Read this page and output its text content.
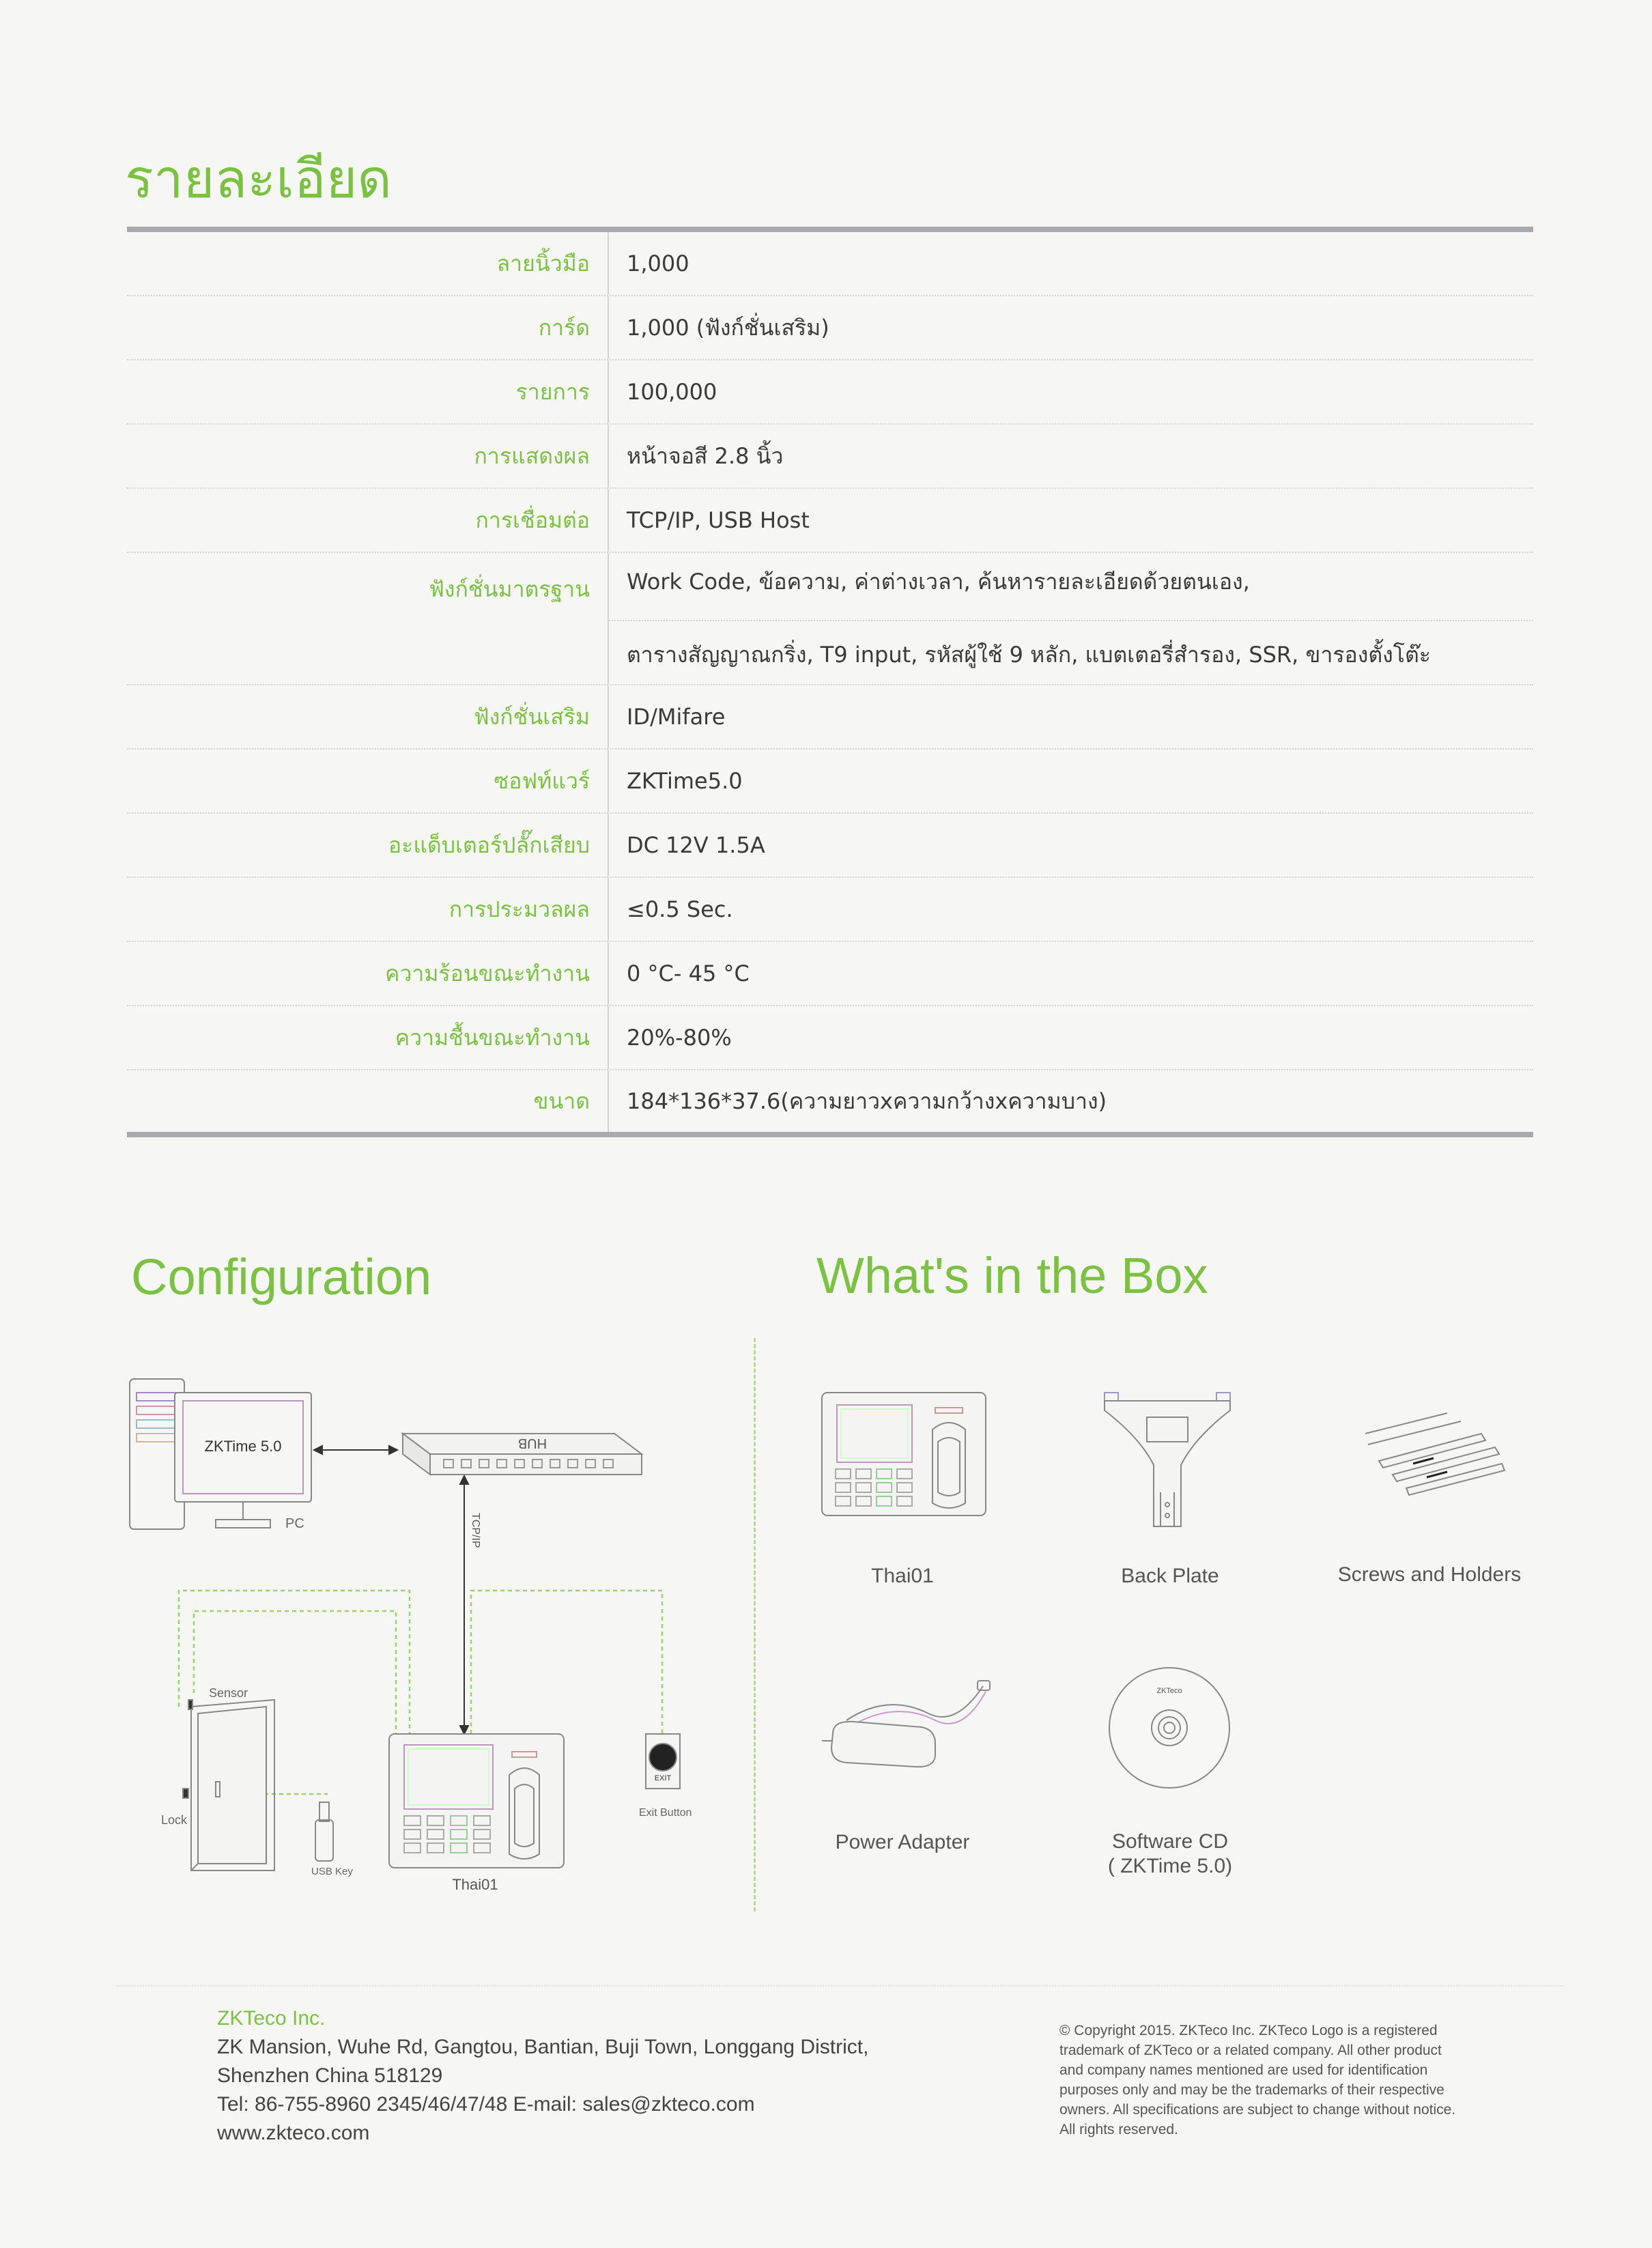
รายละเอียด
ลายนิ้วมือ	1,000
การ์ด	1,000 (ฟังก์ชั่นเสริม)
รายการ	100,000
การแสดงผล	หน้าจอสี 2.8 นิ้ว
การเชื่อมต่อ	TCP/IP, USB Host
ฟังก์ชั่นมาตรฐาน	Work Code, ข้อความ, ค่าต่างเวลา, ค้นหารายละเอียดด้วยตนเอง,
ตารางสัญญาณกริ่ง, T9 input, รหัสผู้ใช้ 9 หลัก, แบตเตอรี่สำรอง, SSR, ขารองตั้งโต๊ะ
ฟังก์ชั่นเสริม	ID/Mifare
ซอฟท์แวร์	ZKTime5.0
อะแด็บเตอร์ปลั๊กเสียบ	DC 12V 1.5A
การประมวลผล	≤0.5 Sec.
ความร้อนขณะทำงาน	0 °C- 45 °C
ความชื้นขณะทำงาน	20%-80%
ขนาด	184*136*37.6(ความยาวxความกว้างxความบาง)
Configuration	What's in the Box
ZKTime 5.0
PC
HUB
TCP/IP
Sensor
Lock
USB Key
Thai01
EXIT
Exit Button
Thai01	Back Plate	Screws and Holders
Power Adapter
ZKTeco
Software CD
( ZKTime 5.0)
ZKTeco Inc.
ZK Mansion, Wuhe Rd, Gangtou, Bantian, Buji Town, Longgang District,
Shenzhen China 518129
Tel: 86-755-8960 2345/46/47/48 E-mail: sales@zkteco.com
www.zkteco.com
© Copyright 2015. ZKTeco Inc. ZKTeco Logo is a registered trademark of ZKTeco or a related company. All other product and company names mentioned are used for identification purposes only and may be the trademarks of their respective owners. All specifications are subject to change without notice. All rights reserved.
